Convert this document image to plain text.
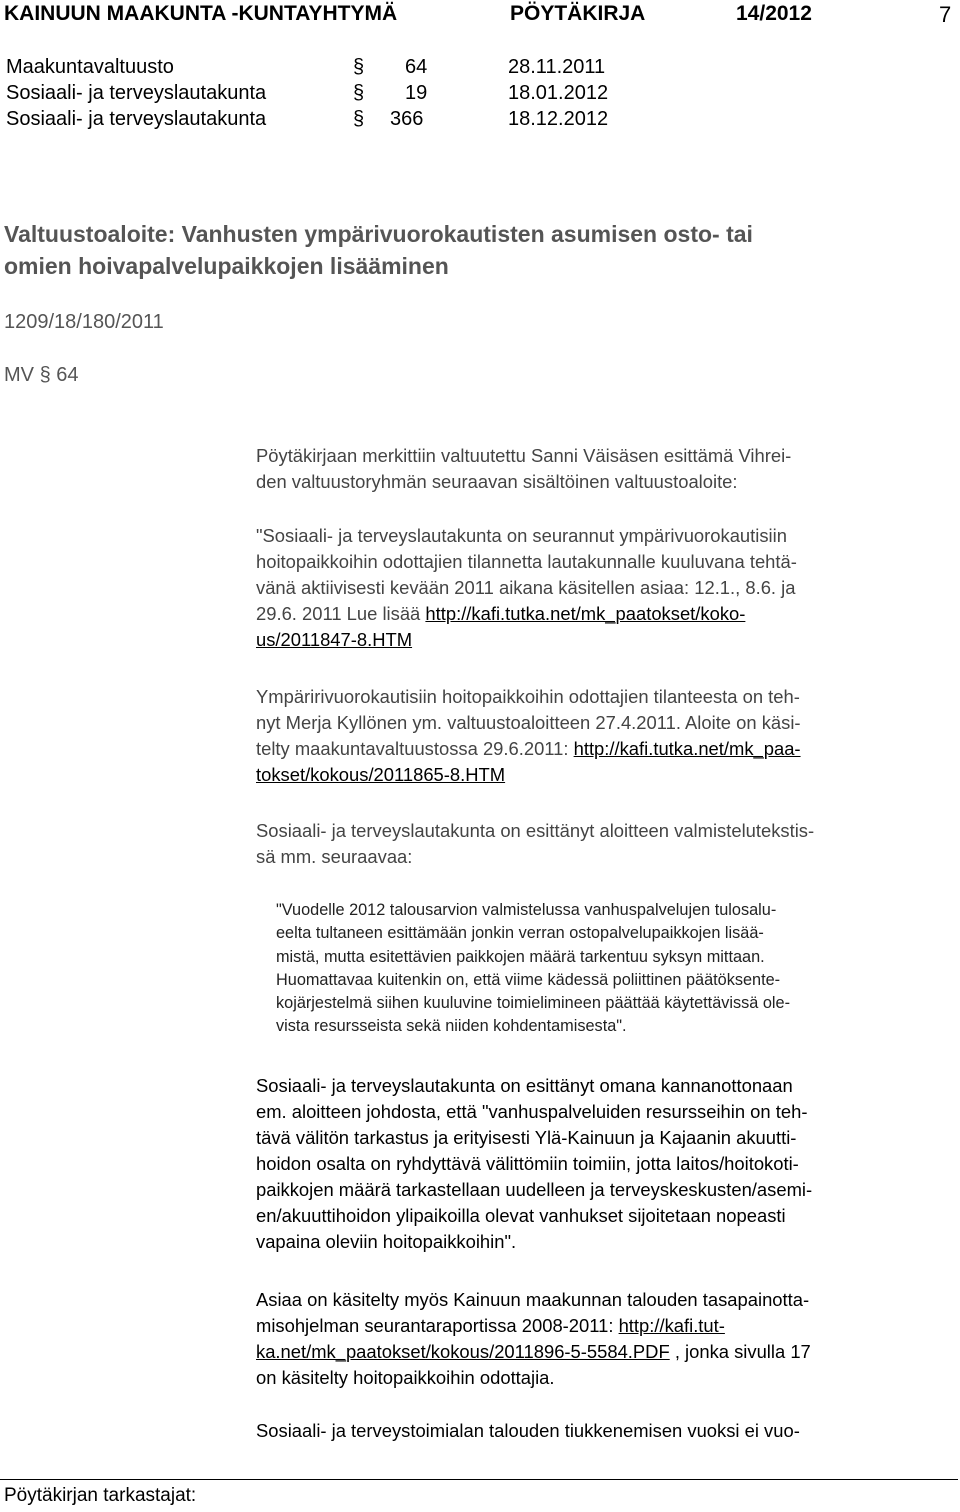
KAINUUN MAAKUNTA -KUNTAYHTYMÄ	PÖYTÄKIRJA	14/2012	7
Maakuntavaltuusto	§ 64	28.11.2011
Sosiaali- ja terveyslautakunta	§ 19	18.01.2012
Sosiaali- ja terveyslautakunta	§ 366	18.12.2012
Valtuustoaloite: Vanhusten ympärivuorokautisten asumisen osto- tai
omien hoivapalvelupaikkojen lisääminen
1209/18/180/2011
MV § 64
Pöytäkirjaan merkittiin valtuutettu Sanni Väisäsen esittämä Vihrei-
den valtuustoryhmän seuraavan sisältöinen valtuustoaloite:
"Sosiaali- ja terveyslautakunta on seurannut ympärivuorokautisiin
hoitopaikkoihin odottajien tilannetta lautakunnalle kuuluvana tehtä-
vänä aktiivisesti kevään 2011 aikana käsitellen asiaa: 12.1., 8.6. ja
29.6. 2011 Lue lisää http://kafi.tutka.net/mk_paatokset/koko-
us/2011847-8.HTM
Ympäririvuorokautisiin hoitopaikkoihin odottajien tilanteesta on teh-
nyt Merja Kyllönen ym. valtuustoaloitteen 27.4.2011. Aloite on käsi-
telty maakuntavaltuustossa 29.6.2011: http://kafi.tutka.net/mk_paa-
tokset/kokous/2011865-8.HTM
Sosiaali- ja terveyslautakunta on esittänyt aloitteen valmistelutekstis-
sä mm. seuraavaa:
"Vuodelle 2012 talousarvion valmistelussa vanhuspalvelujen tulosalu-
eelta tultaneen esittämään jonkin verran ostopalvelupaikkojen lisää-
mistä, mutta esitettävien paikkojen määrä tarkentuu syksyn mittaan.
Huomattavaa kuitenkin on, että viime kädessä poliittinen päätöksente-
kojärjestelmä siihen kuuluvine toimielimineen päättää käytettävissä ole-
vista resursseista sekä niiden kohdentamisesta".
Sosiaali- ja terveyslautakunta on esittänyt omana kannanottonaan
em. aloitteen johdosta, että "vanhuspalveluiden resursseihin on teh-
tävä välitön tarkastus ja erityisesti Ylä-Kainuun ja Kajaanin akuutti-
hoidon osalta on ryhdyttävä välittömiin toimiin, jotta laitos/hoitokoti-
paikkojen määrä tarkastellaan uudelleen ja terveyskeskusten/asemi-
en/akuuttihoidon ylipaikoilla olevat vanhukset sijoitetaan nopeasti
vapaina oleviin hoitopaikkoihin".
Asiaa on käsitelty myös Kainuun maakunnan talouden tasapainotta-
misohjelman seurantaraportissa 2008-2011: http://kafi.tut-
ka.net/mk_paatokset/kokous/2011896-5-5584.PDF , jonka sivulla 17
on käsitelty hoitopaikkoihin odottajia.
Sosiaali- ja terveystoimialan talouden tiukkenemisen vuoksi ei vuo-
Pöytäkirjan tarkastajat:
